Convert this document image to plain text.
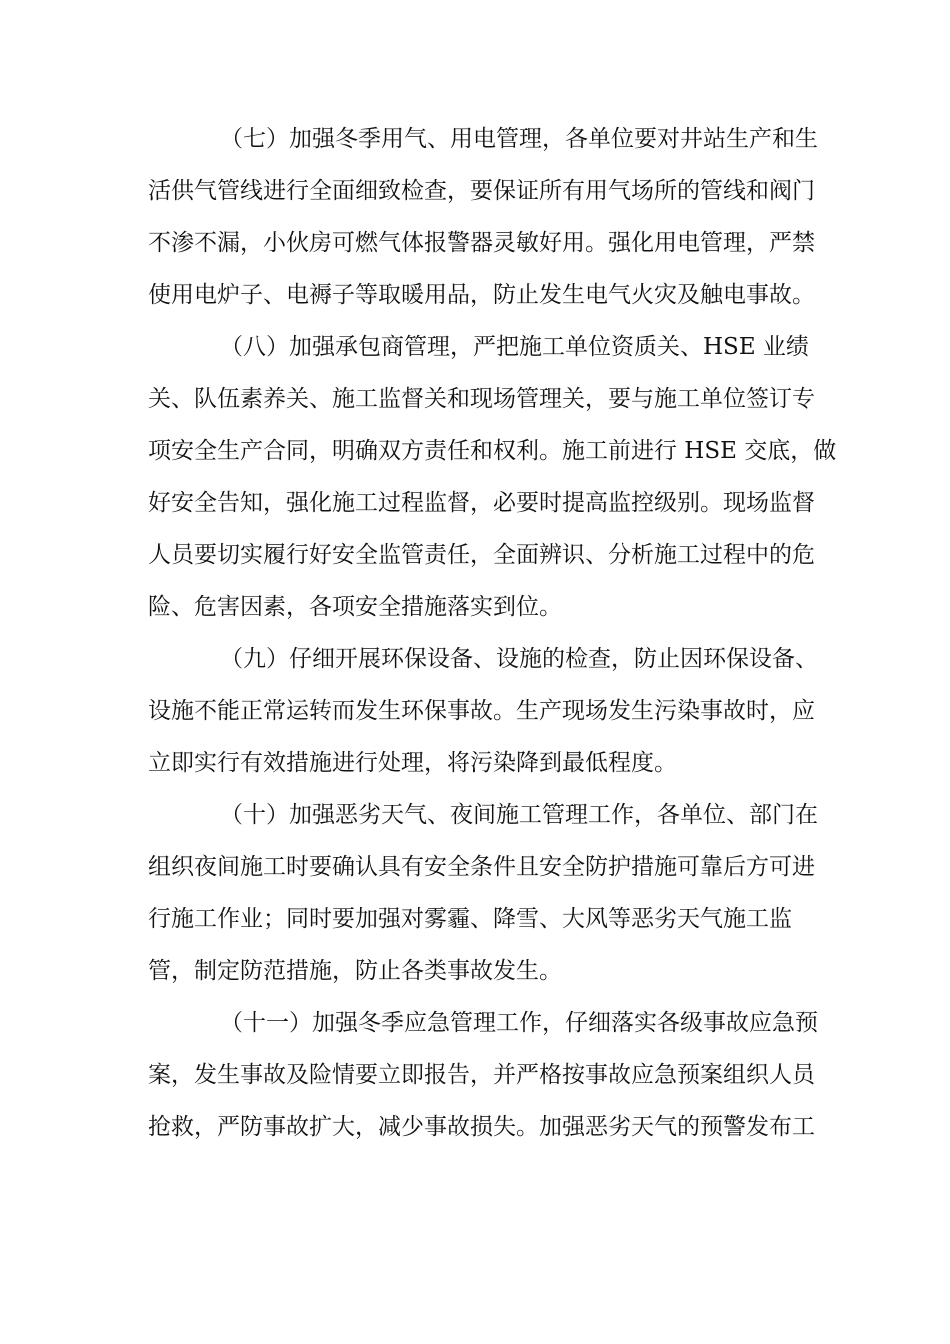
（七）加强冬季用气、用电管理，各单位要对井站生产和生
活供气管线进行全面细致检查，要保证所有用气场所的管线和阀门
不渗不漏，小伙房可燃气体报警器灵敏好用。强化用电管理，严禁
使用电炉子、电褥子等取暖用品，防止发生电气火灾及触电事故。
（八）加强承包商管理，严把施工单位资质关、HSE 业绩
关、队伍素养关、施工监督关和现场管理关，要与施工单位签订专
项安全生产合同，明确双方责任和权利。施工前进行 HSE 交底，做
好安全告知，强化施工过程监督，必要时提高监控级别。现场监督
人员要切实履行好安全监管责任，全面辨识、分析施工过程中的危
险、危害因素，各项安全措施落实到位。
（九）仔细开展环保设备、设施的检查，防止因环保设备、
设施不能正常运转而发生环保事故。生产现场发生污染事故时，应
立即实行有效措施进行处理，将污染降到最低程度。
（十）加强恶劣天气、夜间施工管理工作，各单位、部门在
组织夜间施工时要确认具有安全条件且安全防护措施可靠后方可进
行施工作业；同时要加强对雾霾、降雪、大风等恶劣天气施工监
管，制定防范措施，防止各类事故发生。
（十一）加强冬季应急管理工作，仔细落实各级事故应急预
案，发生事故及险情要立即报告，并严格按事故应急预案组织人员
抢救，严防事故扩大，减少事故损失。加强恶劣天气的预警发布工
